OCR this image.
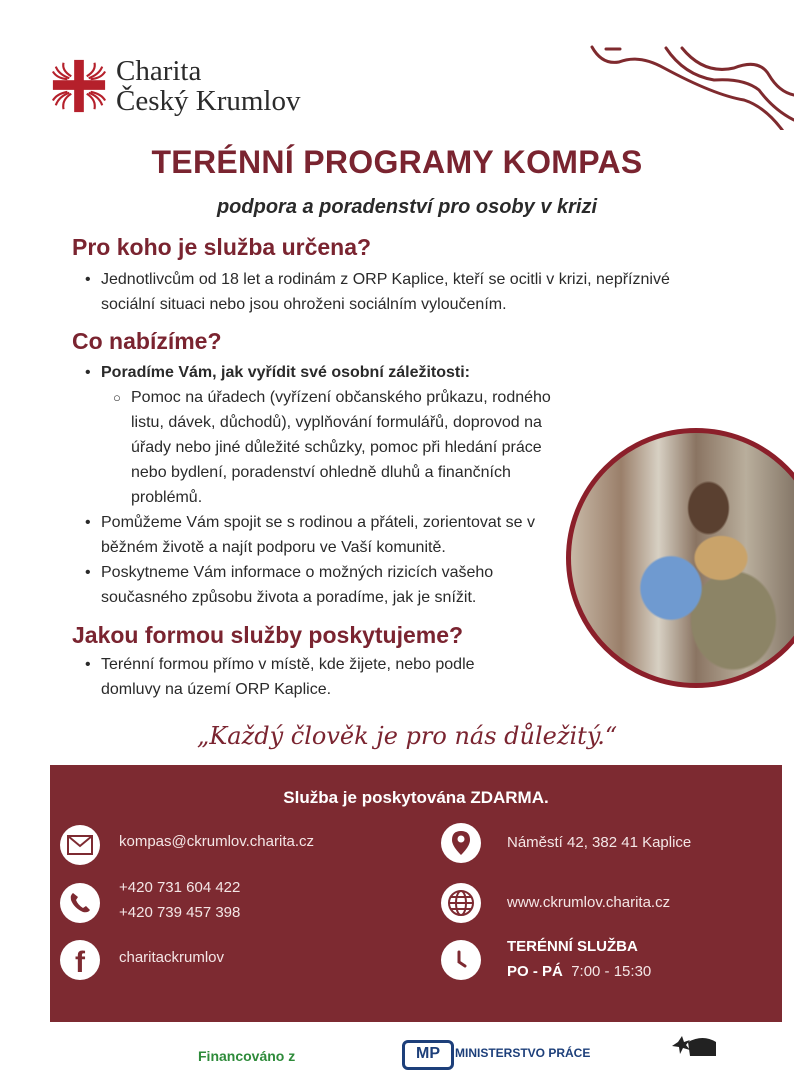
Charita
Český Krumlov
TERÉNNÍ PROGRAMY KOMPAS
podpora a poradenství pro osoby v krizi
Pro koho je služba určena?
• Jednotlivcům od 18 let a rodinám z ORP Kaplice, kteří se ocitli v krizi, nepříznivé
sociální situaci nebo jsou ohroženi sociálním vyloučením.
Co nabízíme?
• Poradíme Vám, jak vyřídit své osobní záležitosti:
○ Pomoc na úřadech (vyřízení občanského průkazu, rodného
listu, dávek, důchodů), vyplňování formulářů, doprovod na
úřady nebo jiné důležité schůzky, pomoc při hledání práce
nebo bydlení, poradenství ohledně dluhů a finančních
problémů.
• Pomůžeme Vám spojit se s rodinou a přáteli, zorientovat se v
běžném životě a najít podporu ve Vaší komunitě.
• Poskytneme Vám informace o možných rizicích vašeho
současného způsobu života a poradíme, jak je snížit.
Jakou formou služby poskytujeme?
• Terénní formou přímo v místě, kde žijete, nebo podle
domluvy na území ORP Kaplice.
„Každý člověk je pro nás důležitý.“
Služba je poskytována ZDARMA.
kompas@ckrumlov.charita.cz
+420 731 604 422
+420 739 457 398
f charitackrumlov
Náměstí 42, 382 41 Kaplice
www.ckrumlov.charita.cz
TERÉNNÍ SLUŽBA
PO - PÁ 7:00 - 15:30
Financováno z	MP	MINISTERSTVO PRÁCE
